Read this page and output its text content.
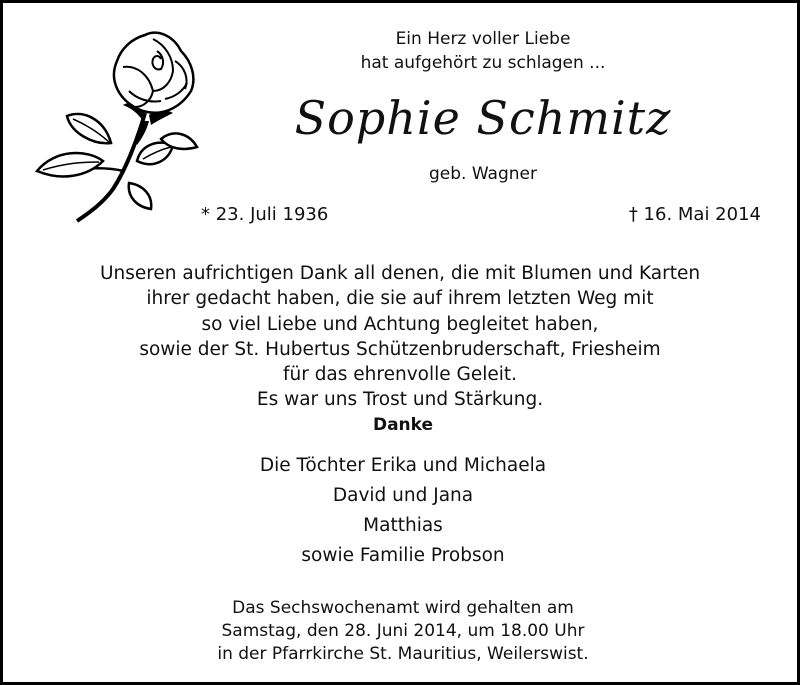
Ein Herz voller Liebe
hat aufgehört zu schlagen ...
Sophie Schmitz
geb. Wagner
* 23. Juli 1936	† 16. Mai 2014
Unseren aufrichtigen Dank all denen, die mit Blumen und Karten
ihrer gedacht haben, die sie auf ihrem letzten Weg mit
so viel Liebe und Achtung begleitet haben,
sowie der St. Hubertus Schützenbruderschaft, Friesheim
für das ehrenvolle Geleit.
Es war uns Trost und Stärkung.
Danke
Die Töchter Erika und Michaela
David und Jana
Matthias
sowie Familie Probson
Das Sechswochenamt wird gehalten am
Samstag, den 28. Juni 2014, um 18.00 Uhr
in der Pfarrkirche St. Mauritius, Weilerswist.
